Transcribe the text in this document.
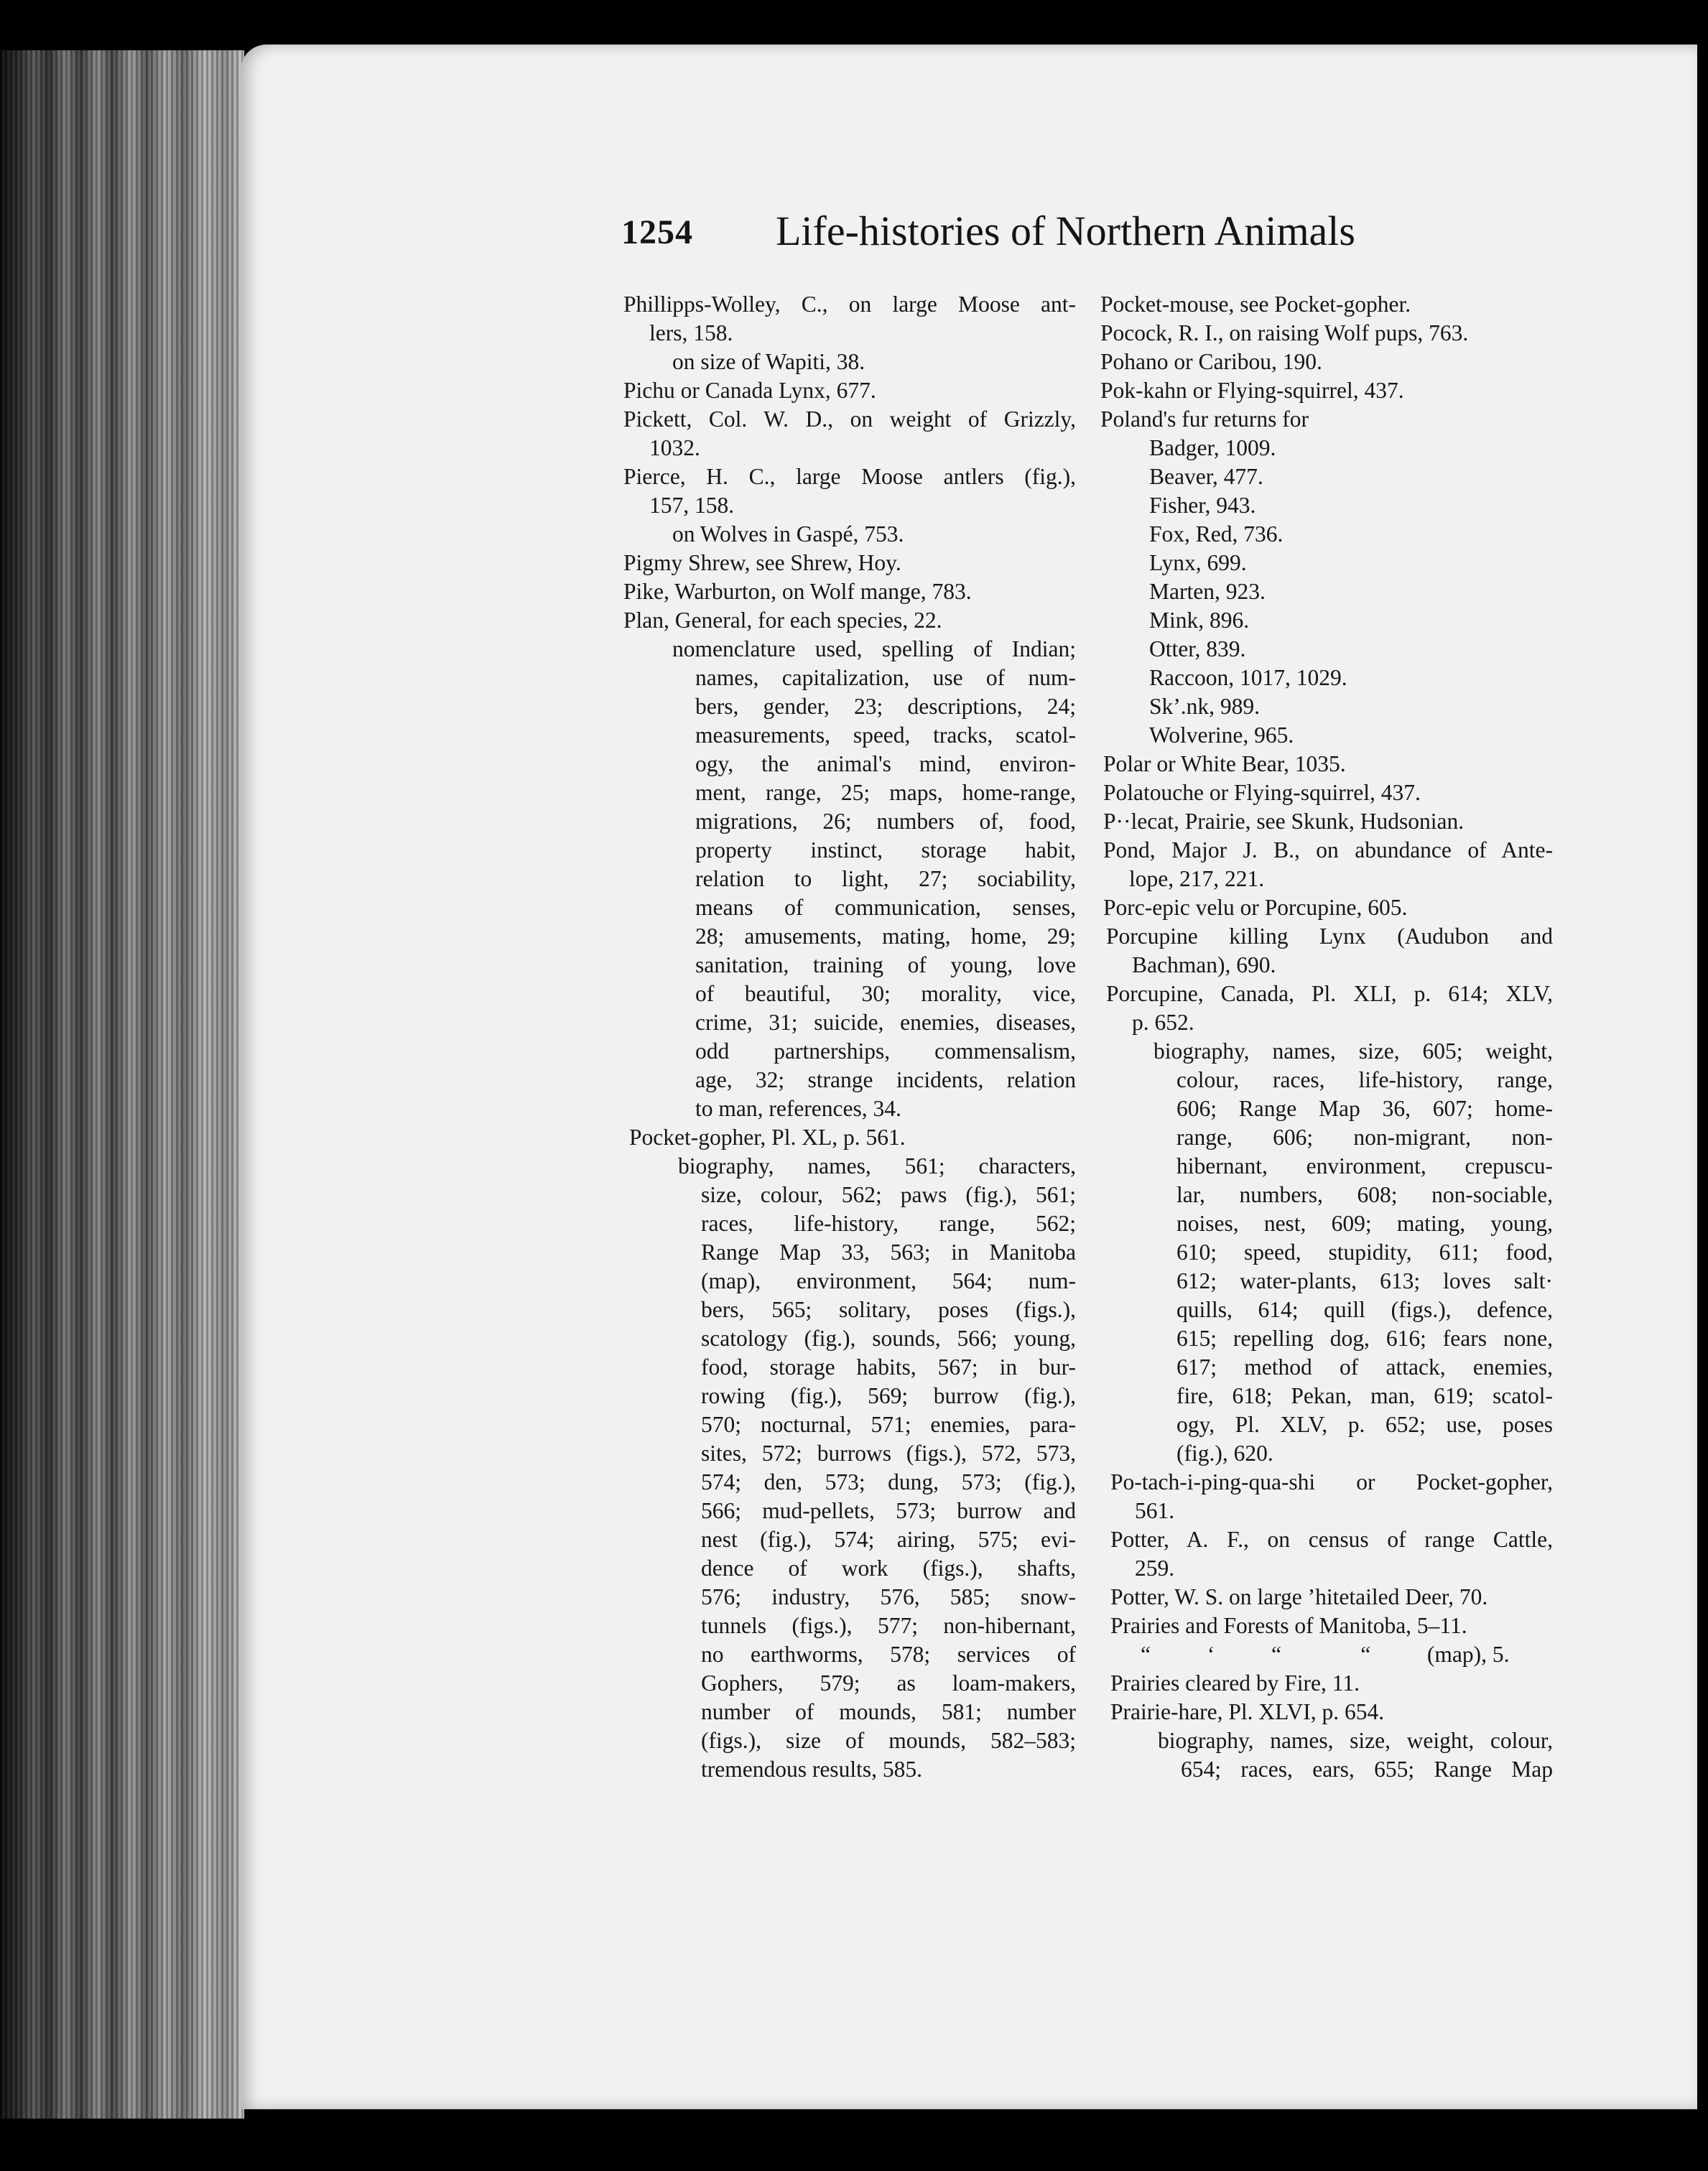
1254 Life-histories of Northern Animals
Phillipps-Wolley, C., on large Moose ant-
lers, 158.
on size of Wapiti, 38.
Pichu or Canada Lynx, 677.
Pickett, Col. W. D., on weight of Grizzly,
1032.
Pierce, H. C., large Moose antlers (fig.),
157, 158.
on Wolves in Gaspé, 753.
Pigmy Shrew, see Shrew, Hoy.
Pike, Warburton, on Wolf mange, 783.
Plan, General, for each species, 22.
nomenclature used, spelling of Indian;
names, capitalization, use of num-
bers, gender, 23; descriptions, 24;
measurements, speed, tracks, scatol-
ogy, the animal's mind, environ-
ment, range, 25; maps, home-range,
migrations, 26; numbers of, food,
property instinct, storage habit,
relation to light, 27; sociability,
means of communication, senses,
28; amusements, mating, home, 29;
sanitation, training of young, love
of beautiful, 30; morality, vice,
crime, 31; suicide, enemies, diseases,
odd partnerships, commensalism,
age, 32; strange incidents, relation
to man, references, 34.
Pocket-gopher, Pl. XL, p. 561.
biography, names, 561; characters,
size, colour, 562; paws (fig.), 561;
races, life-history, range, 562;
Range Map 33, 563; in Manitoba
(map), environment, 564; num-
bers, 565; solitary, poses (figs.),
scatology (fig.), sounds, 566; young,
food, storage habits, 567; in bur-
rowing (fig.), 569; burrow (fig.),
570; nocturnal, 571; enemies, para-
sites, 572; burrows (figs.), 572, 573,
574; den, 573; dung, 573; (fig.),
566; mud-pellets, 573; burrow and
nest (fig.), 574; airing, 575; evi-
dence of work (figs.), shafts,
576; industry, 576, 585; snow-
tunnels (figs.), 577; non-hibernant,
no earthworms, 578; services of
Gophers, 579; as loam-makers,
number of mounds, 581; number
(figs.), size of mounds, 582–583;
tremendous results, 585.
Pocket-mouse, see Pocket-gopher.
Pocock, R. I., on raising Wolf pups, 763.
Pohano or Caribou, 190.
Pok-kahn or Flying-squirrel, 437.
Poland's fur returns for
Badger, 1009.
Beaver, 477.
Fisher, 943.
Fox, Red, 736.
Lynx, 699.
Marten, 923.
Mink, 896.
Otter, 839.
Raccoon, 1017, 1029.
Sk’.nk, 989.
Wolverine, 965.
Polar or White Bear, 1035.
Polatouche or Flying-squirrel, 437.
P··lecat, Prairie, see Skunk, Hudsonian.
Pond, Major J. B., on abundance of Ante-
lope, 217, 221.
Porc-epic velu or Porcupine, 605.
Porcupine killing Lynx (Audubon and
Bachman), 690.
Porcupine, Canada, Pl. XLI, p. 614; XLV,
p. 652.
biography, names, size, 605; weight,
colour, races, life-history, range,
606; Range Map 36, 607; home-
range, 606; non-migrant, non-
hibernant, environment, crepuscu-
lar, numbers, 608; non-sociable,
noises, nest, 609; mating, young,
610; speed, stupidity, 611; food,
612; water-plants, 613; loves salt·
quills, 614; quill (figs.), defence,
615; repelling dog, 616; fears none,
617; method of attack, enemies,
fire, 618; Pekan, man, 619; scatol-
ogy, Pl. XLV, p. 652; use, poses
(fig.), 620.
Po-tach-i-ping-qua-shi or Pocket-gopher,
561.
Potter, A. F., on census of range Cattle,
259.
Potter, W. S. on large ʼhitetailed Deer, 70.
Prairies and Forests of Manitoba, 5–11.
“          ‘          “              “          (map), 5.
Prairies cleared by Fire, 11.
Prairie-hare, Pl. XLVI, p. 654.
biography, names, size, weight, colour,
654; races, ears, 655; Range Map
